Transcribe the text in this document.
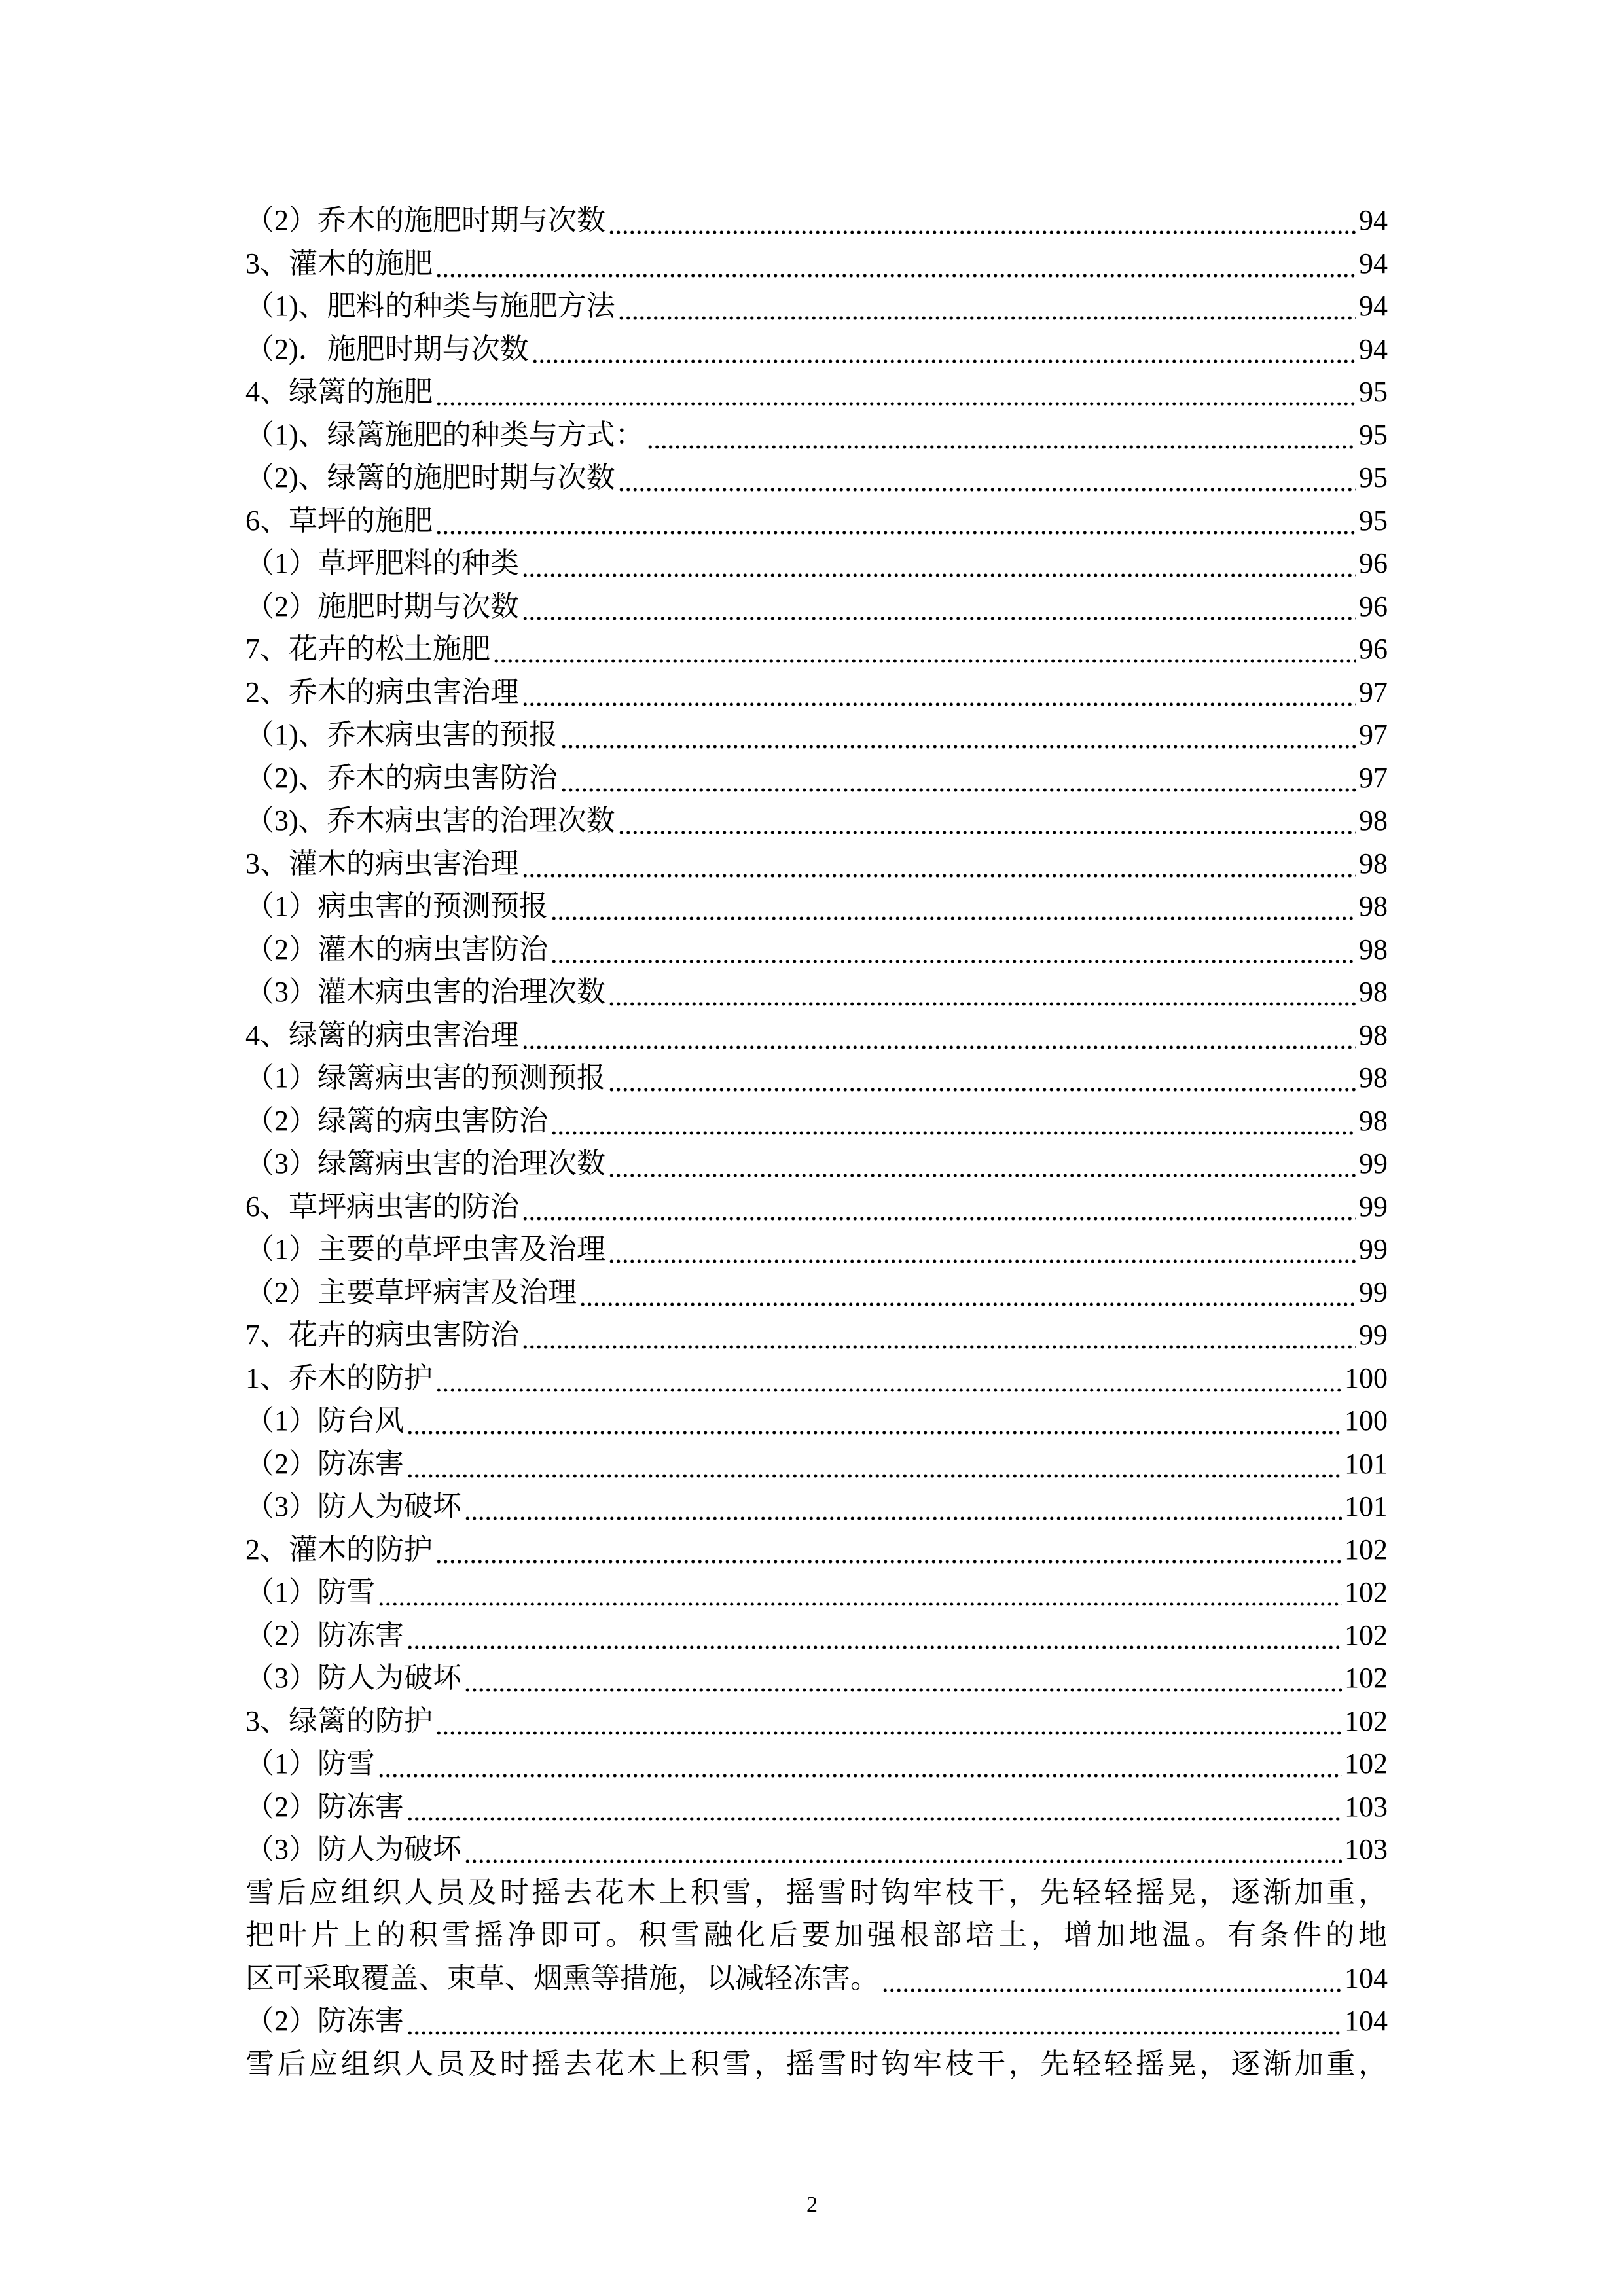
（2）乔木的施肥时期与次数	94
3、灌木的施肥	94
（1)、肥料的种类与施肥方法	94
（2)．施肥时期与次数	94
4、绿篱的施肥	95
（1)、绿篱施肥的种类与方式：	95
（2)、绿篱的施肥时期与次数	95
6、草坪的施肥	95
（1）草坪肥料的种类	96
（2）施肥时期与次数	96
7、花卉的松土施肥	96
2、乔木的病虫害治理	97
（1)、乔木病虫害的预报	97
（2)、乔木的病虫害防治	97
（3)、乔木病虫害的治理次数	98
3、灌木的病虫害治理	98
（1）病虫害的预测预报	98
（2）灌木的病虫害防治	98
（3）灌木病虫害的治理次数	98
4、绿篱的病虫害治理	98
（1）绿篱病虫害的预测预报	98
（2）绿篱的病虫害防治	98
（3）绿篱病虫害的治理次数	99
6、草坪病虫害的防治	99
（1）主要的草坪虫害及治理	99
（2）主要草坪病害及治理	99
7、花卉的病虫害防治	99
1、乔木的防护	100
（1）防台风	100
（2）防冻害	101
（3）防人为破坏	101
2、灌木的防护	102
（1）防雪	102
（2）防冻害	102
（3）防人为破坏	102
3、绿篱的防护	102
（1）防雪	102
（2）防冻害	103
（3）防人为破坏	103
雪后应组织人员及时摇去花木上积雪，摇雪时钩牢枝干，先轻轻摇晃，逐渐加重，
把叶片上的积雪摇净即可。积雪融化后要加强根部培土，增加地温。有条件的地
区可采取覆盖、束草、烟熏等措施，以减轻冻害。	104
（2）防冻害	104
雪后应组织人员及时摇去花木上积雪，摇雪时钩牢枝干，先轻轻摇晃，逐渐加重，
2
